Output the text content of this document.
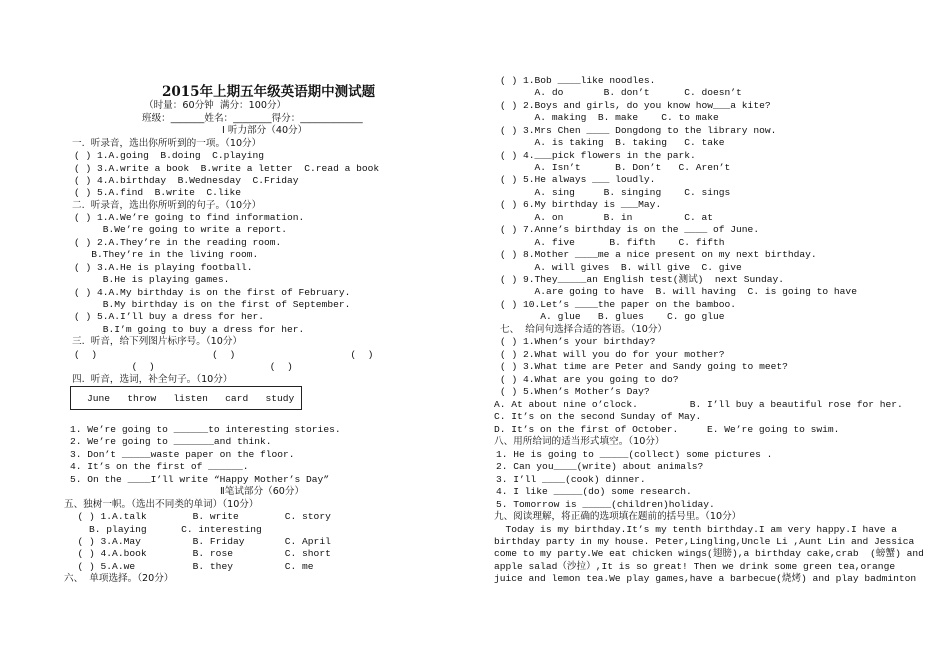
2015年上期五年级英语期中测试题
（时量：60分钟  满分：100分）
班级：_______姓名：________得分：_____________
Ⅰ 听力部分（40分）
一.  听录音，选出你所听到的一项。（10分）
( ) 1.A.going  B.doing  C.playing
( ) 3.A.write a book  B.write a letter  C.read a book
( ) 4.A.birthday  B.Wednesday  C.Friday
( ) 5.A.find  B.write  C.like
二.  听录音，选出你所听到的句子。（10分）
( ) 1.A.We’re going to find information.
B.We’re going to write a report.
( ) 2.A.They’re in the reading room.
B.They’re in the living room.
( ) 3.A.He is playing football.
B.He is playing games.
( ) 4.A.My birthday is on the first of February.
B.My birthday is on the first of September.
( ) 5.A.I’ll buy a dress for her.
B.I’m going to buy a dress for her.
三.  听音，给下列图片标序号。（10分）
(  )                    (  )                    (  )
(  )                    (  )
四.  听音，选词，补全句子。（10分）
June   throw   listen   card   study
1. We’re going to ______to interesting stories.
2. We’re going to _______and think.
3. Don’t _____waste paper on the floor.
4. It’s on the first of ______.
5. On the ____I’ll write “Happy Mother’s Day”
Ⅱ笔试部分（60分）
五、独树一帜。（选出不同类的单词）（10分）
( ) 1.A.talk        B. write        C. story
B. playing      C. interesting
( ) 3.A.May         B. Friday       C. April
( ) 4.A.book        B. rose         C. short
( ) 5.A.we          B. they         C. me
六、  单项选择。（20分）
( ) 1.Bob ____like noodles.
A. do       B. don’t      C. doesn’t
( ) 2.Boys and girls, do you know how___a kite?
A. making  B. make    C. to make
( ) 3.Mrs Chen ____ Dongdong to the library now.
A. is taking  B. taking   C. take
( ) 4.___pick flowers in the park.
A. Isn’t      B. Don’t   C. Aren’t
( ) 5.He always ___ loudly.
A. sing     B. singing    C. sings
( ) 6.My birthday is ___May.
A. on       B. in         C. at
( ) 7.Anne’s birthday is on the ____ of June.
A. five      B. fifth    C. fifth
( ) 8.Mother ____me a nice present on my next birthday.
A. will gives  B. will give  C. give
( ) 9.They_____an English test(测试)  next Sunday.
A.are going to have  B. will having  C. is going to have
( ) 10.Let’s ____the paper on the bamboo.
A. glue   B. glues    C. go glue
七、  给问句选择合适的答语。（10分）
( ) 1.When’s your birthday?
( ) 2.What will you do for your mother?
( ) 3.What time are Peter and Sandy going to meet?
( ) 4.What are you going to do?
( ) 5.When’s Mother’s Day?
A. At about nine o’clock.         B. I’ll buy a beautiful rose for her.
C. It’s on the second Sunday of May.
D. It’s on the first of October.     E. We’re going to swim.
八、用所给词的适当形式填空。（10分）
1. He is going to _____(collect) some pictures .
2. Can you____(write) about animals?
3. I’ll ____(cook) dinner.
4. I like _____(do) some research.
5. Tomorrow is _____(children)holiday.
九、阅读理解，将正确的选项填在题前的括号里。（10分）
Today is my birthday.It’s my tenth birthday.I am very happy.I have a
birthday party in my house. Peter,Lingling,Uncle Li ,Aunt Lin and Jessica
come to my party.We eat chicken wings(翅膀),a birthday cake,crab  (螃蟹) and
apple salad（沙拉）,It is so great! Then we drink some green tea,orange
juice and lemon tea.We play games,have a barbecue(烧烤) and play badminton
